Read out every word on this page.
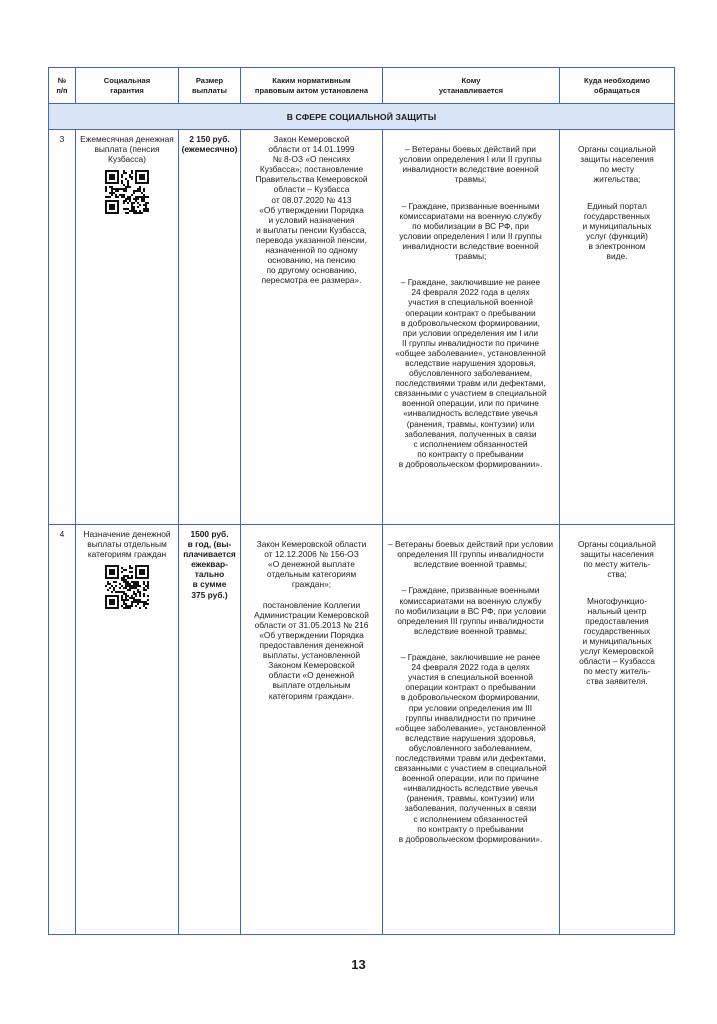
№
п/п
Социальная
гарантия
Размер
выплаты
Каким нормативным
правовым актом установлена
Кому
устанавливается
Куда необходимо
обращаться
В СФЕРЕ СОЦИАЛЬНОЙ ЗАЩИТЫ
3	Ежемесячная денежная выплата (пенсия Кузбасса)
2 150 руб.
(ежемесячно)
Закон Кемеровской
области от 14.01.1999
№ 8-ОЗ «О пенсиях
Кузбасса»; постановление
Правительства Кемеровской
области – Кузбасса
от 08.07.2020 № 413
«Об утверждении Порядка
и условий назначения
и выплаты пенсии Кузбасса,
перевода указанной пенсии,
назначенной по одному
основанию, на пенсию
по другому основанию,
пересмотра ее размера».

– Ветераны боевых действий при
условии определения I или II группы
инвалидности вследствие военной
травмы;

– Граждане, призванные военными
комиссариатами на военную службу
по мобилизации в ВС РФ, при
условии определения I или II группы
инвалидности вследствие военной
травмы;

– Граждане, заключившие не ранее
24 февраля 2022 года в целях
участия в специальной военной
операции контракт о пребывании
в добровольческом формировании,
при условии определения им I или
II группы инвалидности по причине
«общее заболевание», установленной
вследствие нарушения здоровья,
обусловленного заболеванием,
последствиями травм или дефектами,
связанными с участием в специальной
военной операции, или по причине
«инвалидность вследствие увечья
(ранения, травмы, контузии) или
заболевания, полученных в связи
с исполнением обязанностей
по контракту о пребывании
в добровольческом формировании».

Органы социальной
защиты населения
по месту
жительства;

Единый портал
государственных
и муниципальных
услуг (функций)
в электронном
виде.

4	Назначение денежной выплаты отдельным категориям граждан
1500 руб.
в год, (вы-
плачивается
ежеквар-
тально
в сумме
375 руб.)

Закон Кемеровской области
от 12.12.2006 № 156-ОЗ
«О денежной выплате
отдельным категориям
граждан»;

постановление Коллегии
Администрации Кемеровской
области от 31.05.2013 № 216
«Об утверждении Порядка
предоставления денежной
выплаты, установленной
Законом Кемеровской
области «О денежной
выплате отдельным
категориям граждан».

– Ветераны боевых действий при условии
определения III группы инвалидности
вследствие военной травмы;

– Граждане, призванные военными
комиссариатами на военную службу
по мобилизации в ВС РФ, при условии
определения III группы инвалидности
вследствие военной травмы;

– Граждане, заключившие не ранее
24 февраля 2022 года в целях
участия в специальной военной
операции контракт о пребывании
в добровольческом формировании,
при условии определения им III
группы инвалидности по причине
«общее заболевание», установленной
вследствие нарушения здоровья,
обусловленного заболеванием,
последствиями травм или дефектами,
связанными с участием в специальной
военной операции, или по причине
«инвалидность вследствие увечья
(ранения, травмы, контузии) или
заболевания, полученных в связи
с исполнением обязанностей
по контракту о пребывании
в добровольческом формировании».

Органы социальной
защиты населения
по месту житель-
ства;

Многофункцио-
нальный центр
предоставления
государственных
и муниципальных
услуг Кемеровской
области – Кузбасса
по месту житель-
ства заявителя.

13
